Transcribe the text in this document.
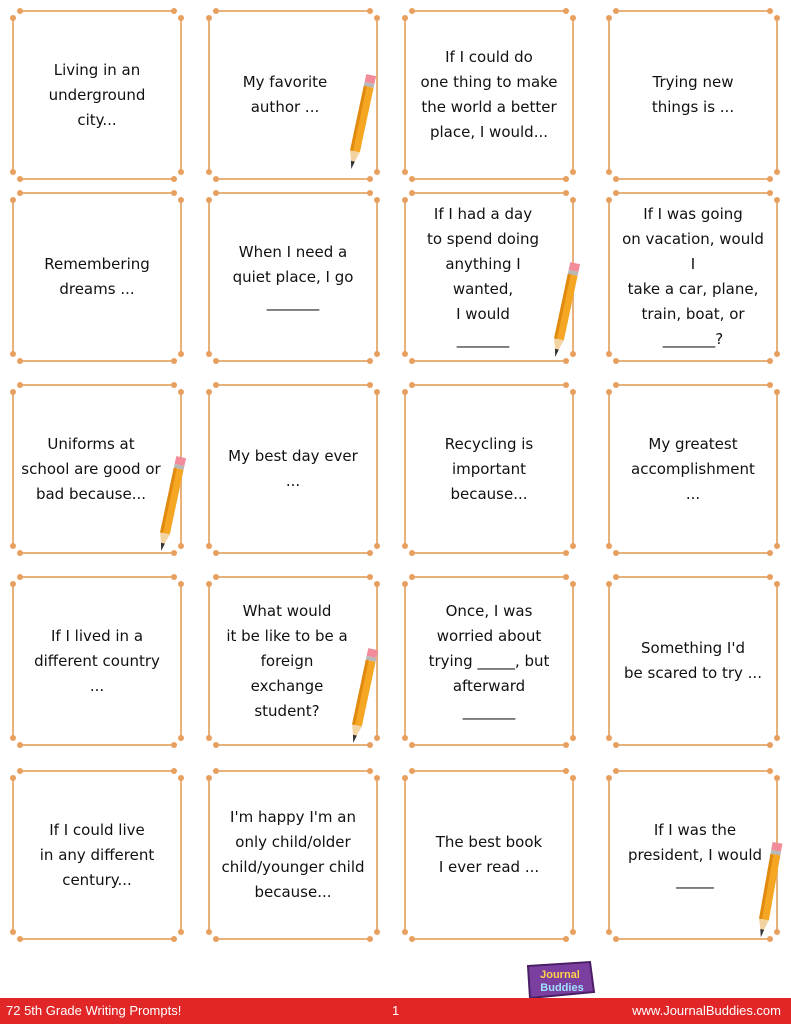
Living in an
underground
city...
My favorite
author ...
If I could do
one thing to make
the world a better
place, I would...
Trying new
things is ...
Remembering
dreams ...
When I need a
quiet place, I go
_______
If I had a day
to spend doing
anything I wanted,
I would
_______
If I was going
on vacation, would I
take a car, plane,
train, boat, or
_______?
Uniforms at
school are good or
bad because...
My best day ever ...
Recycling is
important
because...
My greatest
accomplishment ...
If I lived in a
different country ...
What would
it be like to be a
foreign exchange
student?
Once, I was
worried about
trying _____, but
afterward
_______
Something I'd
be scared to try ...
If I could live
in any different
century...
I'm happy I'm an
only child/older
child/younger child
because...
The best book
I ever read ...
If I was the
president, I would
_____
Journal
Buddies
72 5th Grade Writing Prompts!	1	www.JournalBuddies.com
